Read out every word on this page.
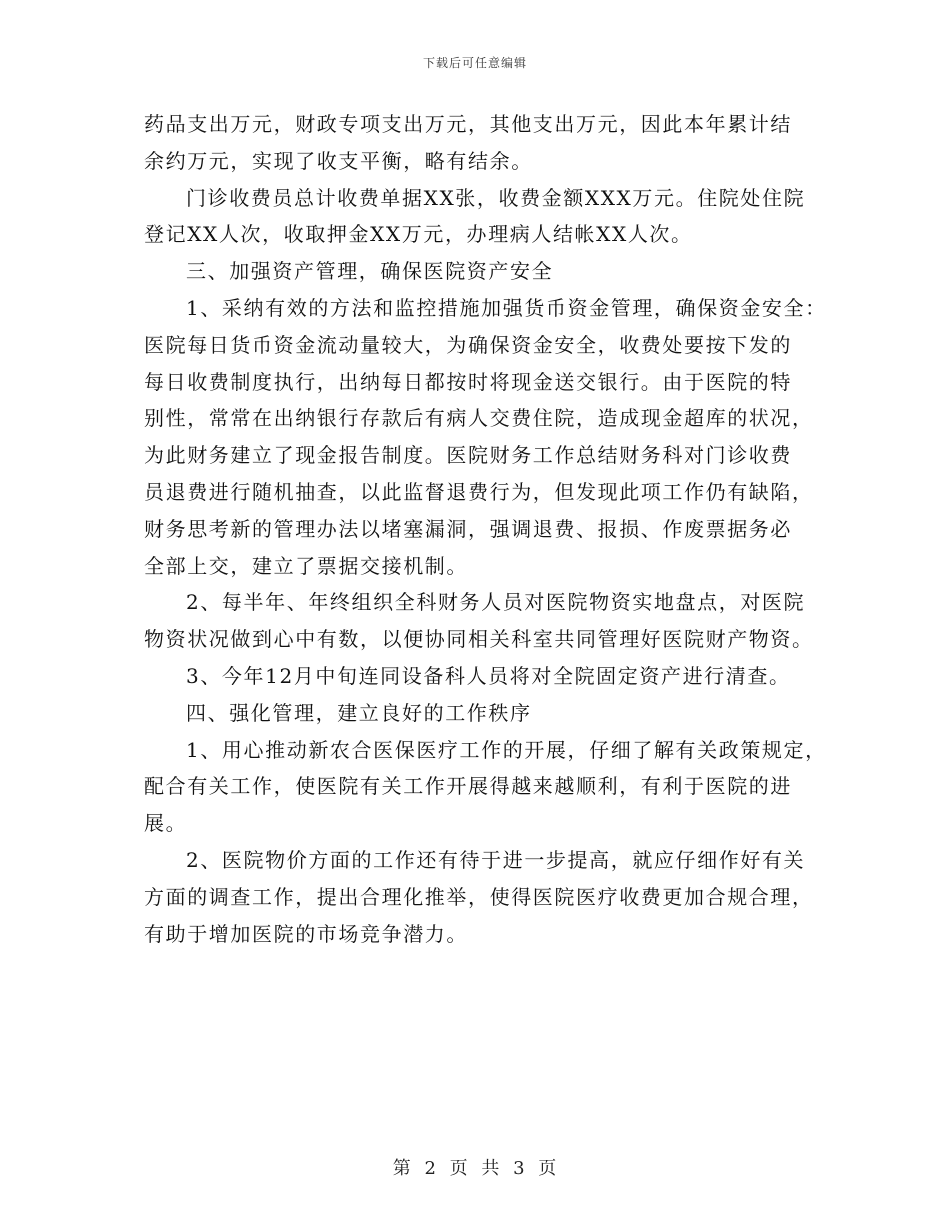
下载后可任意编辑
药品支出万元，财政专项支出万元，其他支出万元，因此本年累计结
余约万元，实现了收支平衡，略有结余。
门诊收费员总计收费单据XX张，收费金额XXX万元。住院处住院
登记XX人次，收取押金XX万元，办理病人结帐XX人次。
三、加强资产管理，确保医院资产安全
1、采纳有效的方法和监控措施加强货币资金管理，确保资金安全：
医院每日货币资金流动量较大，为确保资金安全，收费处要按下发的
每日收费制度执行，出纳每日都按时将现金送交银行。由于医院的特
别性，常常在出纳银行存款后有病人交费住院，造成现金超库的状况，
为此财务建立了现金报告制度。医院财务工作总结财务科对门诊收费
员退费进行随机抽查，以此监督退费行为，但发现此项工作仍有缺陷，
财务思考新的管理办法以堵塞漏洞，强调退费、报损、作废票据务必
全部上交，建立了票据交接机制。
2、每半年、年终组织全科财务人员对医院物资实地盘点，对医院
物资状况做到心中有数，以便协同相关科室共同管理好医院财产物资。
3、今年12月中旬连同设备科人员将对全院固定资产进行清查。
四、强化管理，建立良好的工作秩序
1、用心推动新农合医保医疗工作的开展，仔细了解有关政策规定，
配合有关工作，使医院有关工作开展得越来越顺利，有利于医院的进
展。
2、医院物价方面的工作还有待于进一步提高，就应仔细作好有关
方面的调查工作，提出合理化推举，使得医院医疗收费更加合规合理，
有助于增加医院的市场竞争潜力。
第 2 页 共 3 页
